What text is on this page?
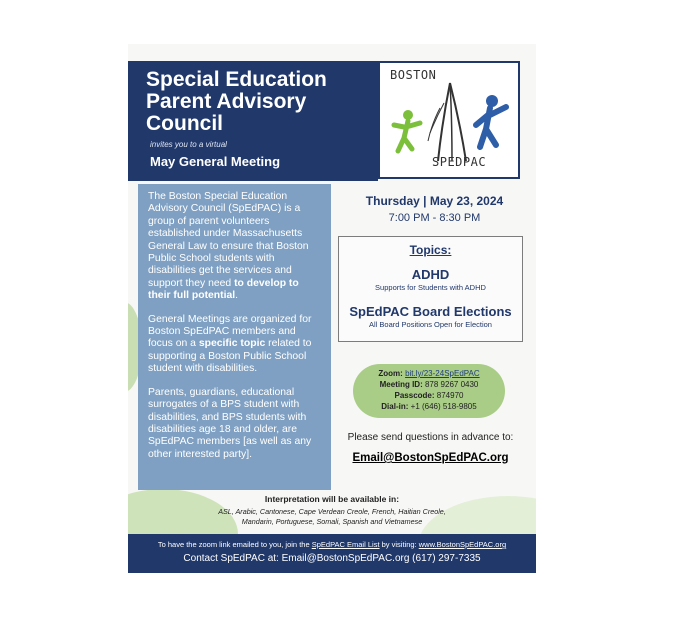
Special Education
Parent Advisory
Council
invites you to a virtual
May General Meeting
BOSTON
SPEDPAC

The Boston Special Education Advisory Council (SpEdPAC) is a group of parent volunteers established under Massachusetts General Law to ensure that Boston Public School students with disabilities get the services and support they need to develop to their full potential.

General Meetings are organized for Boston SpEdPAC members and focus on a specific topic related to supporting a Boston Public School student with disabilities.

Parents, guardians, educational surrogates of a BPS student with disabilities, and BPS students with disabilities age 18 and older, are SpEdPAC members [as well as any other interested party].

Thursday | May 23, 2024
7:00 PM - 8:30 PM
Topics:
ADHD
Supports for Students with ADHD
SpEdPAC Board Elections
All Board Positions Open for Election
Zoom: bit.ly/23-24SpEdPAC
Meeting ID: 878 9267 0430
Passcode: 874970
Dial-in: +1 (646) 518-9805
Please send questions in advance to:
Email@BostonSpEdPAC.org
Interpretation will be available in:
ASL, Arabic, Cantonese, Cape Verdean Creole, French, Haitian Creole,
Mandarin, Portuguese, Somali, Spanish and Vietnamese
To have the zoom link emailed to you, join the SpEdPAC Email List by visiting: www.BostonSpEdPAC.org
Contact SpEdPAC at: Email@BostonSpEdPAC.org (617) 297-7335
